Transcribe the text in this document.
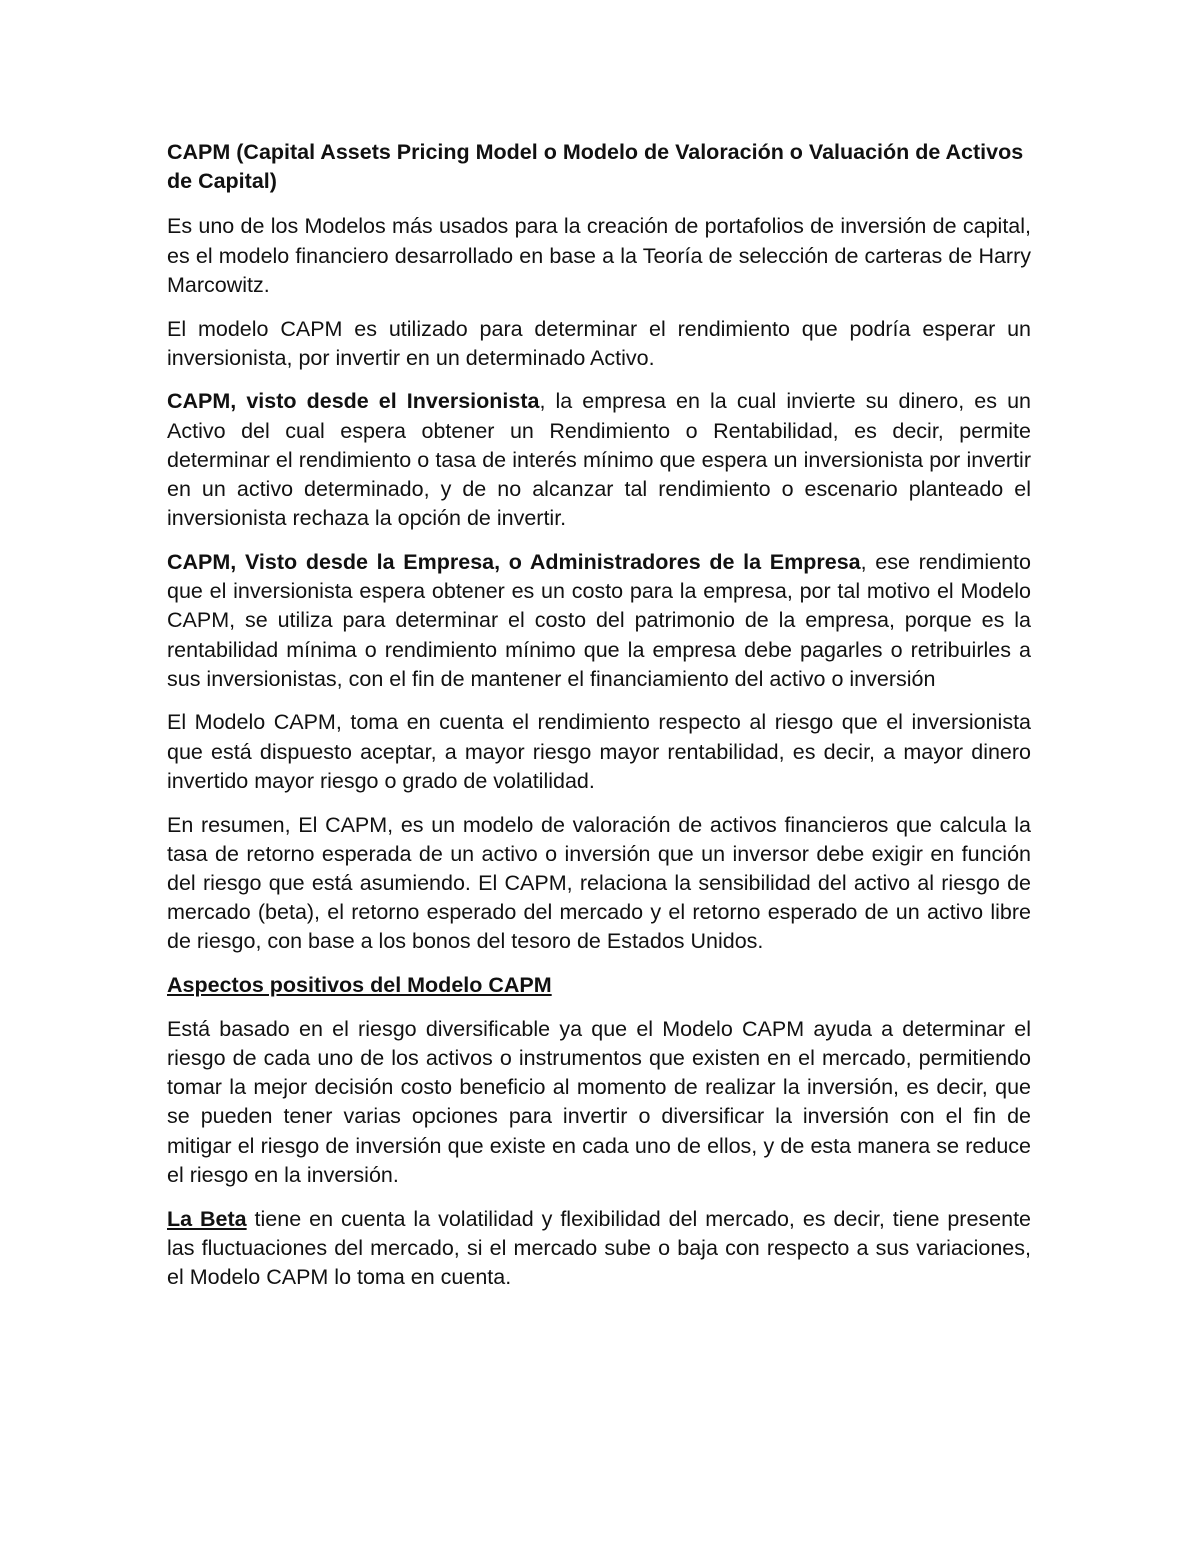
CAPM (Capital Assets Pricing Model o Modelo de Valoración o Valuación de Activos de Capital)

Es uno de los Modelos más usados para la creación de portafolios de inversión de capital, es el modelo financiero desarrollado en base a la Teoría de selección de carteras de Harry Marcowitz.

El modelo CAPM es utilizado para determinar el rendimiento que podría esperar un inversionista, por invertir en un determinado Activo.

CAPM, visto desde el Inversionista, la empresa en la cual invierte su dinero, es un Activo del cual espera obtener un Rendimiento o Rentabilidad, es decir, permite determinar el rendimiento o tasa de interés mínimo que espera un inversionista por invertir en un activo determinado, y de no alcanzar tal rendimiento o escenario planteado el inversionista rechaza la opción de invertir.

CAPM, Visto desde la Empresa, o Administradores de la Empresa, ese rendimiento que el inversionista espera obtener es un costo para la empresa, por tal motivo el Modelo CAPM, se utiliza para determinar el costo del patrimonio de la empresa, porque es la rentabilidad mínima o rendimiento mínimo que la empresa debe pagarles o retribuirles a sus inversionistas, con el fin de mantener el financiamiento del activo o inversión

El Modelo CAPM, toma en cuenta el rendimiento respecto al riesgo que el inversionista que está dispuesto aceptar, a mayor riesgo mayor rentabilidad, es decir, a mayor dinero invertido mayor riesgo o grado de volatilidad.

En resumen, El CAPM, es un modelo de valoración de activos financieros que calcula la tasa de retorno esperada de un activo o inversión que un inversor debe exigir en función del riesgo que está asumiendo. El CAPM, relaciona la sensibilidad del activo al riesgo de mercado (beta), el retorno esperado del mercado y el retorno esperado de un activo libre de riesgo, con base a los bonos del tesoro de Estados Unidos.

Aspectos positivos del Modelo CAPM

Está basado en el riesgo diversificable ya que el Modelo CAPM ayuda a determinar el riesgo de cada uno de los activos o instrumentos que existen en el mercado, permitiendo tomar la mejor decisión costo beneficio al momento de realizar la inversión, es decir, que se pueden tener varias opciones para invertir o diversificar la inversión con el fin de mitigar el riesgo de inversión que existe en cada uno de ellos, y de esta manera se reduce el riesgo en la inversión.

La Beta tiene en cuenta la volatilidad y flexibilidad del mercado, es decir, tiene presente las fluctuaciones del mercado, si el mercado sube o baja con respecto a sus variaciones, el Modelo CAPM lo toma en cuenta.
